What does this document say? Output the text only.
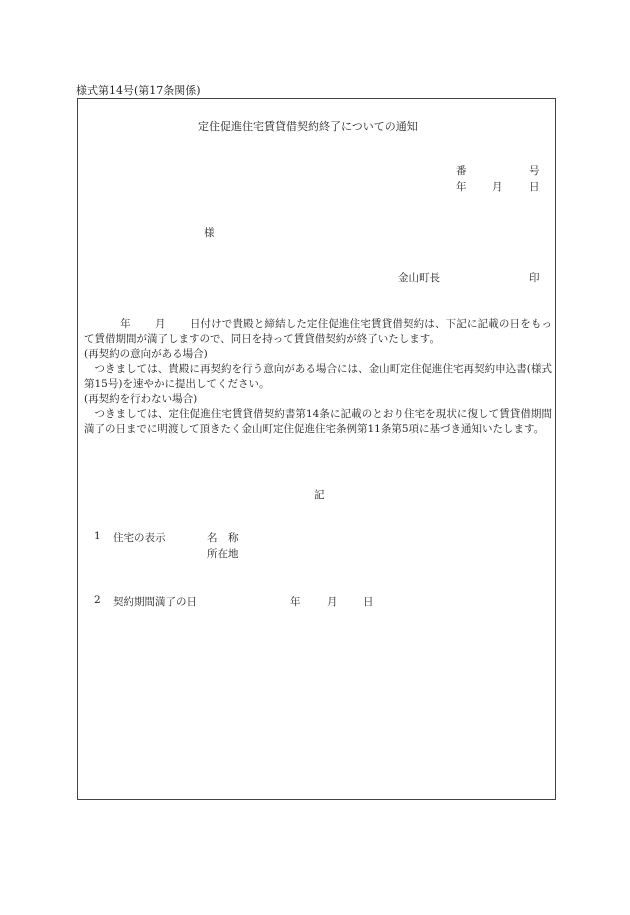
様式第14号(第17条関係)
定住促進住宅賃貸借契約終了についての通知
番	号
年 月	日
様
金山町長	印

年 月 日付けで貴殿と締結した定住促進住宅賃貸借契約は、下記に記載の日をもって賃借期間が満了しますので、同日を持って賃貸借契約が終了いたします。

(再契約の意向がある場合)

つきましては、貴殿に再契約を行う意向がある場合には、金山町定住促進住宅再契約申込書(様式第15号)を速やかに提出してください。

(再契約を行わない場合)

つきましては、定住促進住宅賃貸借契約書第14条に記載のとおり住宅を現状に復して賃貸借期間満了の日までに明渡して頂きたく金山町定住促進住宅条例第11条第5項に基づき通知いたします。

記
1 住宅の表示	名　称
所在地
2 契約期間満了の日	年	月 日
